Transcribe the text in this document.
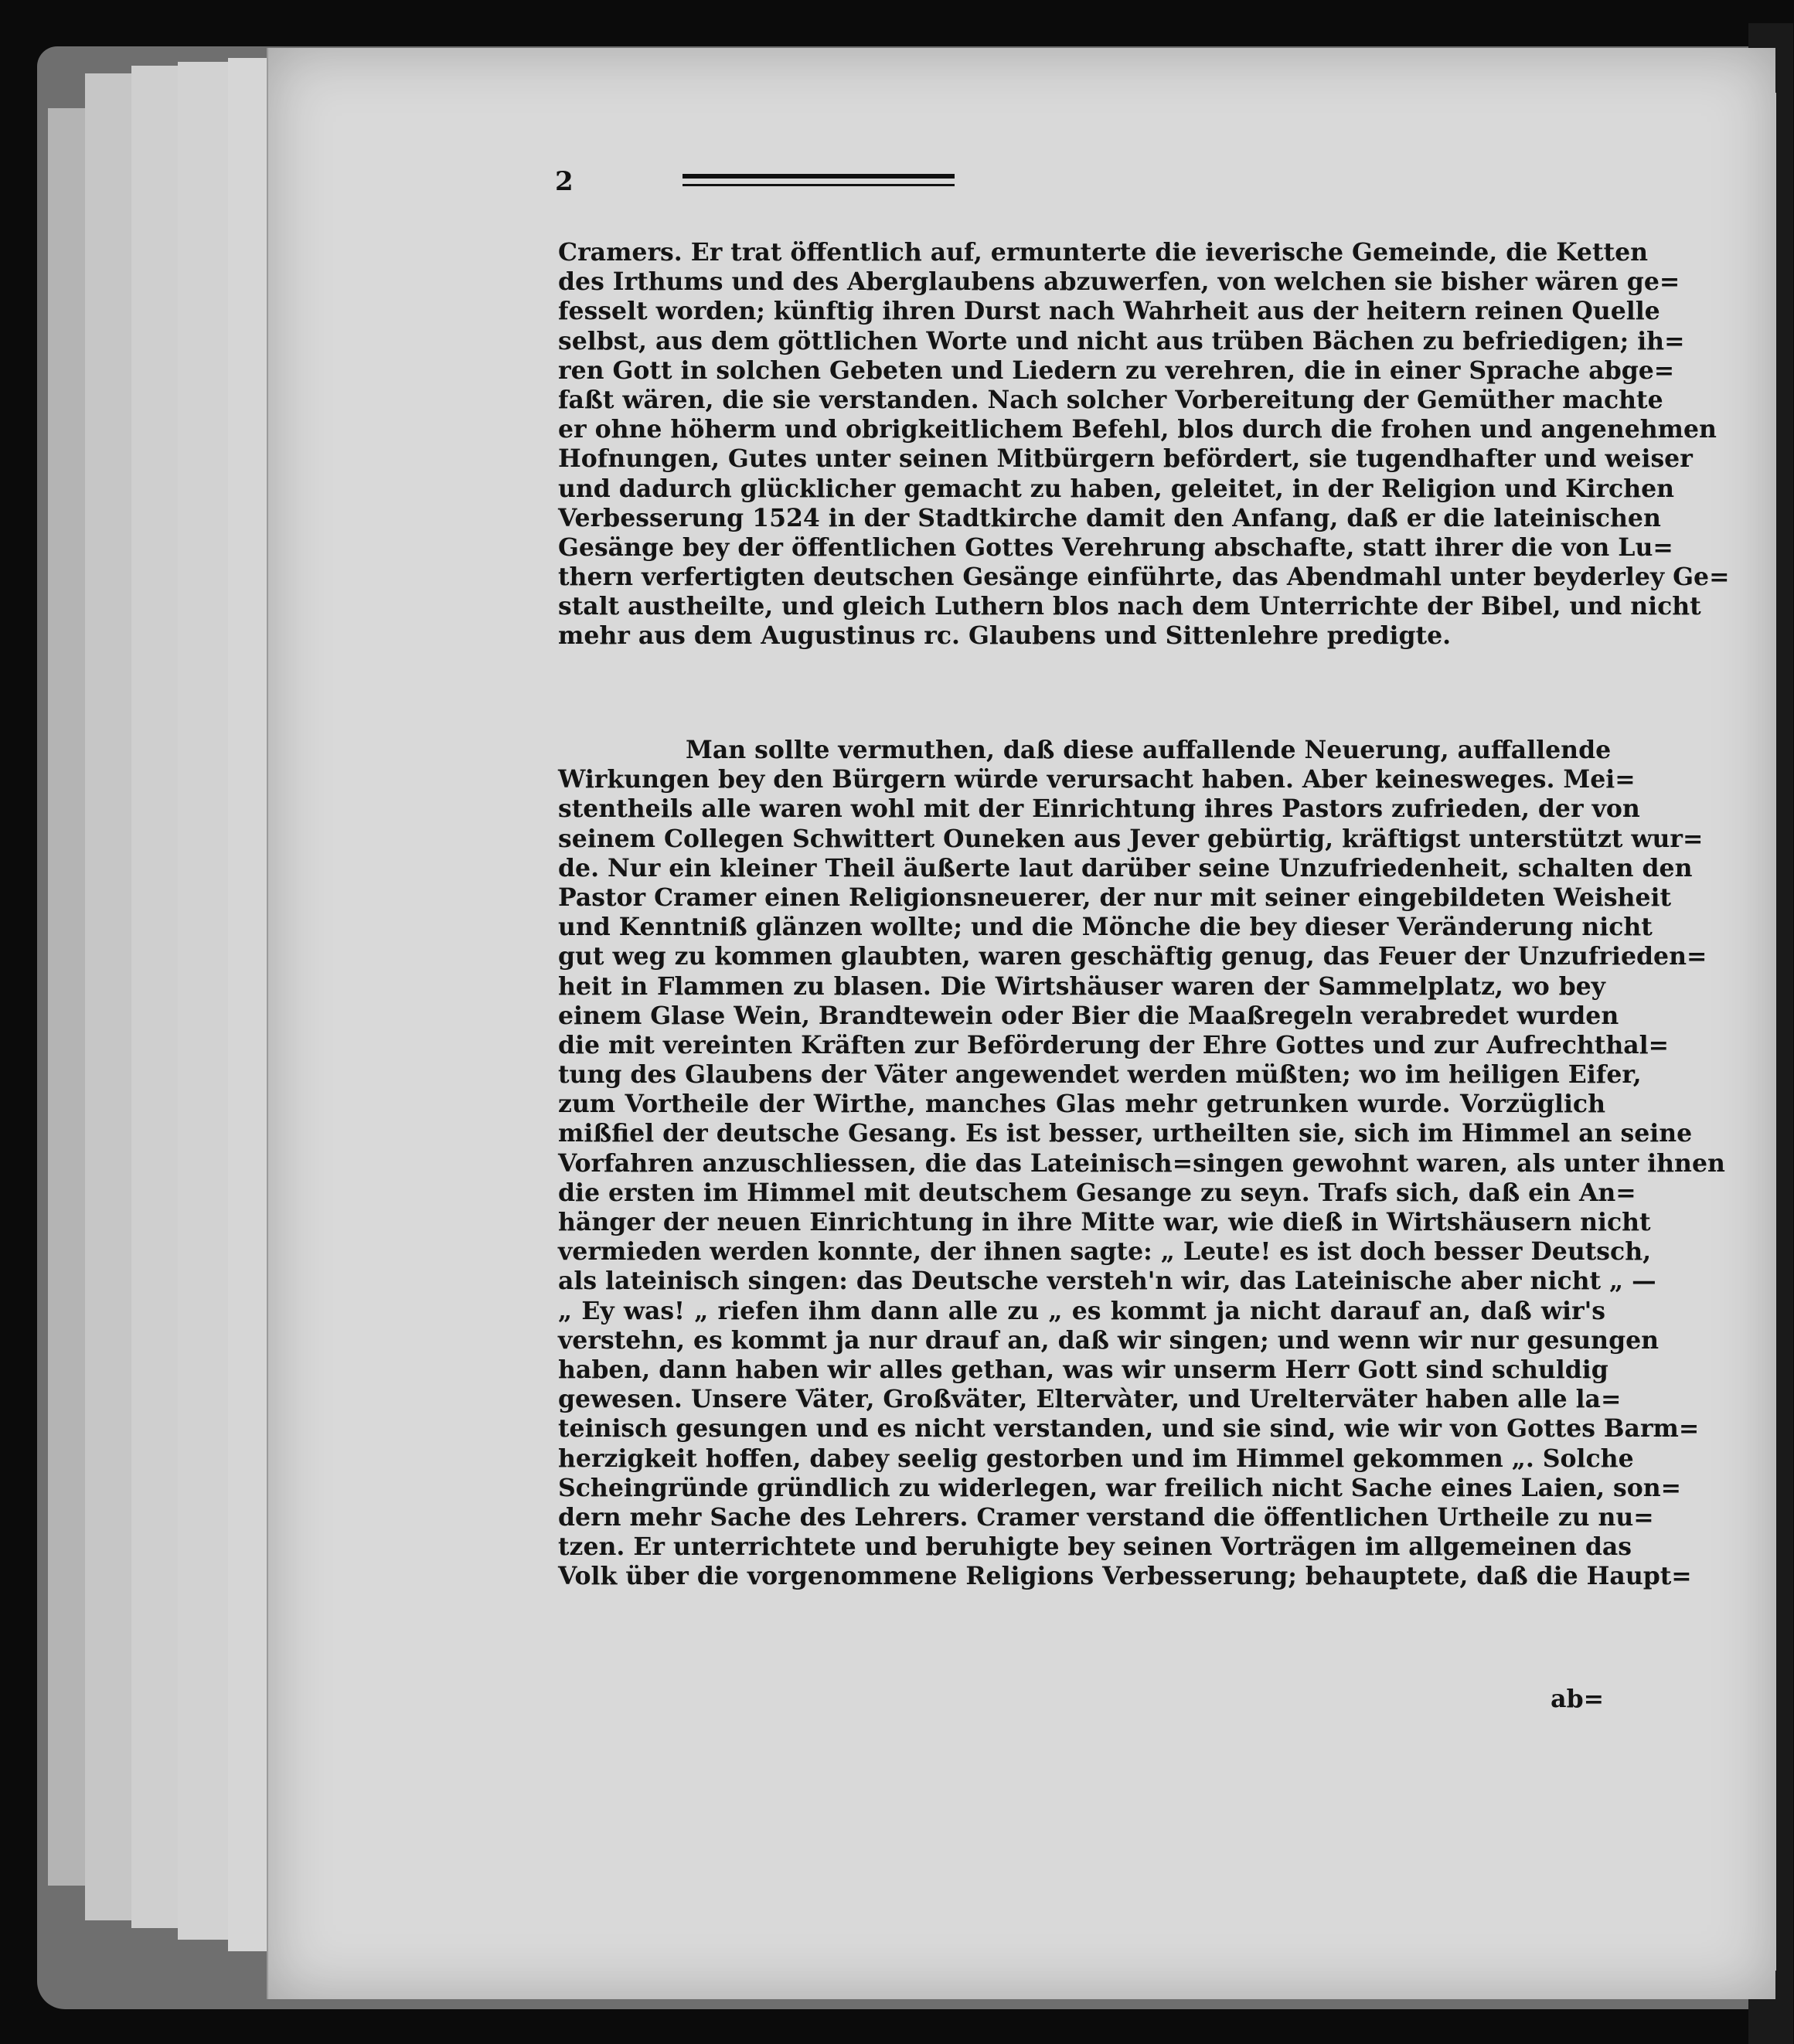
2
Cramers. Er trat öffentlich auf, ermunterte die ieverische Gemeinde, die Ketten
des Irthums und des Aberglaubens abzuwerfen, von welchen sie bisher wären ge=
fesselt worden; künftig ihren Durst nach Wahrheit aus der heitern reinen Quelle
selbst, aus dem göttlichen Worte und nicht aus trüben Bächen zu befriedigen; ih=
ren Gott in solchen Gebeten und Liedern zu verehren, die in einer Sprache abge=
faßt wären, die sie verstanden. Nach solcher Vorbereitung der Gemüther machte
er ohne höherm und obrigkeitlichem Befehl, blos durch die frohen und angenehmen
Hofnungen, Gutes unter seinen Mitbürgern befördert, sie tugendhafter und weiser
und dadurch glücklicher gemacht zu haben, geleitet, in der Religion und Kirchen
Verbesserung 1524 in der Stadtkirche damit den Anfang, daß er die lateinischen
Gesänge bey der öffentlichen Gottes Verehrung abschafte, statt ihrer die von Lu=
thern verfertigten deutschen Gesänge einführte, das Abendmahl unter beyderley Ge=
stalt austheilte, und gleich Luthern blos nach dem Unterrichte der Bibel, und nicht
mehr aus dem Augustinus rc. Glaubens und Sittenlehre predigte.
Man sollte vermuthen, daß diese auffallende Neuerung, auffallende
Wirkungen bey den Bürgern würde verursacht haben. Aber keinesweges. Mei=
stentheils alle waren wohl mit der Einrichtung ihres Pastors zufrieden, der von
seinem Collegen Schwittert Ouneken aus Jever gebürtig, kräftigst unterstützt wur=
de. Nur ein kleiner Theil äußerte laut darüber seine Unzufriedenheit, schalten den
Pastor Cramer einen Religionsneuerer, der nur mit seiner eingebildeten Weisheit
und Kenntniß glänzen wollte; und die Mönche die bey dieser Veränderung nicht
gut weg zu kommen glaubten, waren geschäftig genug, das Feuer der Unzufrieden=
heit in Flammen zu blasen. Die Wirtshäuser waren der Sammelplatz, wo bey
einem Glase Wein, Brandtewein oder Bier die Maaßregeln verabredet wurden
die mit vereinten Kräften zur Beförderung der Ehre Gottes und zur Aufrechthal=
tung des Glaubens der Väter angewendet werden müßten; wo im heiligen Eifer,
zum Vortheile der Wirthe, manches Glas mehr getrunken wurde. Vorzüglich
mißfiel der deutsche Gesang. Es ist besser, urtheilten sie, sich im Himmel an seine
Vorfahren anzuschliessen, die das Lateinisch=singen gewohnt waren, als unter ihnen
die ersten im Himmel mit deutschem Gesange zu seyn. Trafs sich, daß ein An=
hänger der neuen Einrichtung in ihre Mitte war, wie dieß in Wirtshäusern nicht
vermieden werden konnte, der ihnen sagte: „ Leute! es ist doch besser Deutsch,
als lateinisch singen: das Deutsche versteh'n wir, das Lateinische aber nicht „ —
„ Ey was! „ riefen ihm dann alle zu „ es kommt ja nicht darauf an, daß wir's
verstehn, es kommt ja nur drauf an, daß wir singen; und wenn wir nur gesungen
haben, dann haben wir alles gethan, was wir unserm Herr Gott sind schuldig
gewesen. Unsere Väter, Großväter, Eltervàter, und Urelterväter haben alle la=
teinisch gesungen und es nicht verstanden, und sie sind, wie wir von Gottes Barm=
herzigkeit hoffen, dabey seelig gestorben und im Himmel gekommen „. Solche
Scheingründe gründlich zu widerlegen, war freilich nicht Sache eines Laien, son=
dern mehr Sache des Lehrers. Cramer verstand die öffentlichen Urtheile zu nu=
tzen. Er unterrichtete und beruhigte bey seinen Vorträgen im allgemeinen das
Volk über die vorgenommene Religions Verbesserung; behauptete, daß die Haupt=
ab=
